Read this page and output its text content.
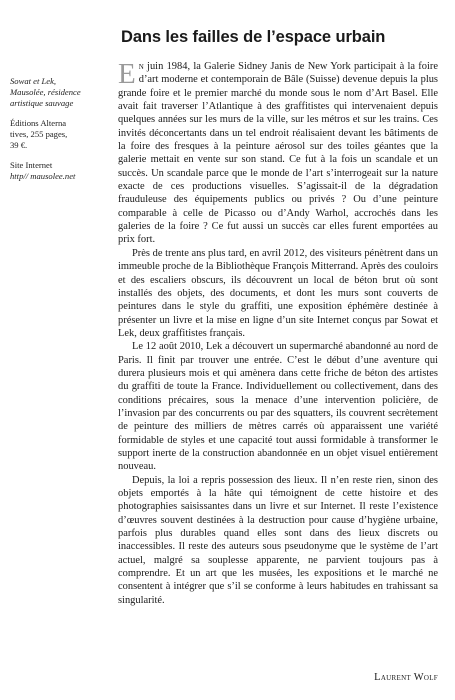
Dans les failles de l’espace urbain

Sowat et Lek,
Mausolée, résidence
artistique sauvage

Éditions Alterna
tives, 255 pages,
39 €.

Site Internet
http// mausolee.net

En juin 1984, la Galerie Sidney Janis de New York participait à la foire d’art moderne et contemporain de Bâle (Suisse) devenue depuis la plus grande foire et le premier marché du monde sous le nom d’Art Basel. Elle avait fait traverser l’Atlantique à des graffitistes qui intervenaient depuis quelques années sur les murs de la ville, sur les métros et sur les trains. Ces invités déconcertants dans un tel endroit réalisaient devant les bâtiments de la foire des fresques à la peinture aérosol sur des toiles géantes que la galerie mettait en vente sur son stand. Ce fut à la fois un scandale et un succès. Un scandale parce que le monde de l’art s’interrogeait sur la nature exacte de ces productions visuelles. S’agissait-il de la dégradation frauduleuse des équipements publics ou privés ? Ou d’une peinture comparable à celle de Picasso ou d’Andy Warhol, accrochés dans les galeries de la foire ? Ce fut aussi un succès car elles furent emportées au prix fort.

Près de trente ans plus tard, en avril 2012, des visiteurs pénètrent dans un immeuble proche de la Bibliothèque François Mitterrand. Après des couloirs et des escaliers obscurs, ils découvrent un local de béton brut où sont installés des objets, des documents, et dont les murs sont couverts de peintures dans le style du graffiti, une exposition éphémère destinée à présenter un livre et la mise en ligne d’un site Internet conçus par Sowat et Lek, deux graffitistes français.

Le 12 août 2010, Lek a découvert un supermarché abandonné au nord de Paris. Il finit par trouver une entrée. C’est le début d’une aventure qui durera plusieurs mois et qui amènera dans cette friche de béton des artistes du graffiti de toute la France. Individuellement ou collectivement, dans des conditions précaires, sous la menace d’une intervention policière, de l’invasion par des concurrents ou par des squatters, ils couvrent secrètement de peinture des milliers de mètres carrés où apparaissent une variété formidable de styles et une capacité tout aussi formidable à transformer le support inerte de la construction abandonnée en un objet visuel entièrement nouveau.

Depuis, la loi a repris possession des lieux. Il n’en reste rien, sinon des objets emportés à la hâte qui témoignent de cette histoire et des photographies saisissantes dans un livre et sur Internet. Il reste l’existence d’œuvres souvent destinées à la destruction pour cause d’hygiène urbaine, parfois plus durables quand elles sont dans des lieux discrets ou inaccessibles. Il reste des auteurs sous pseudonyme que le système de l’art actuel, malgré sa souplesse apparente, ne parvient toujours pas à comprendre. Et un art que les musées, les expositions et le marché ne consentent à intégrer que s’il se conforme à leurs habitudes en trahissant sa singularité.

Laurent Wolf
